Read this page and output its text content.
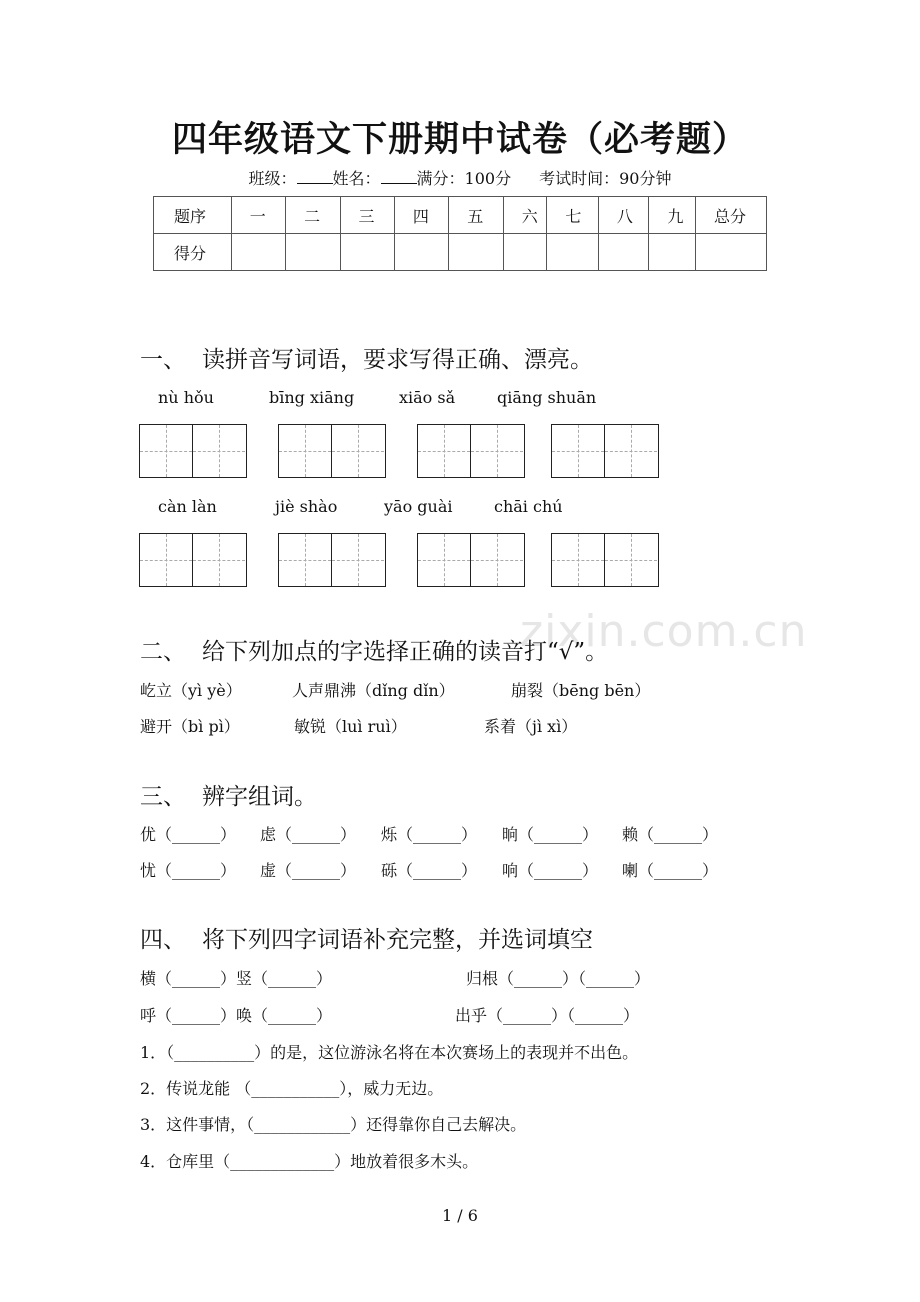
四年级语文下册期中试卷（必考题）
班级： 姓名： 满分：100分 考试时间：90分钟
题序	一	二	三	四	五	六	七	八	九	总分
得分										
一、 读拼音写词语，要求写得正确、漂亮。
nù hǒu	bīng xiāng	xiāo sǎ	qiāng shuān
càn làn	jiè shào	yāo guài	chāi chú
zixin.com.cn
二、 给下列加点的字选择正确的读音打“√”。
屹立（yì yè）	人声鼎沸（dǐng dǐn）	崩裂（bēng bēn）
避开（bì pì）	敏锐（luì ruì）	系着（jì xì）
三、 辨字组词。
优（______） 虑（______） 烁（______） 晌（______） 赖（______）
忧（______） 虚（______） 砾（______） 响（______） 喇（______）
四、 将下列四字词语补充完整，并选词填空
横（______）竖（______）	归根（______）（______）
呼（______）唤（______）	出乎（______）（______）
1．（__________）的是，这位游泳名将在本次赛场上的表现并不出色。
2．传说龙能 （___________），威力无边。
3．这件事情，（____________）还得靠你自己去解决。
4．仓库里（_____________）地放着很多木头。
1 / 6
